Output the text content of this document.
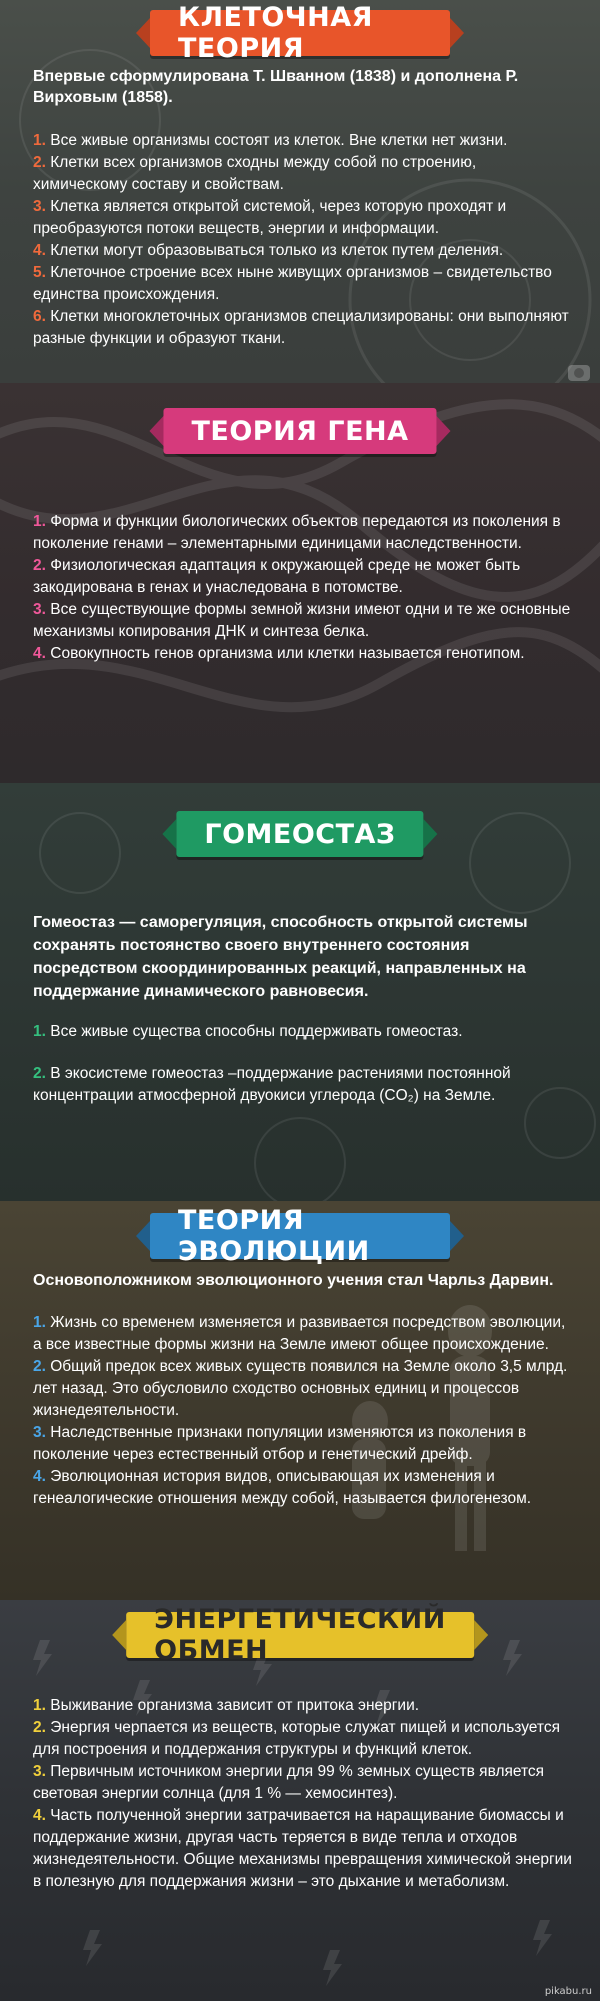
КЛЕТОЧНАЯ ТЕОРИЯ

Впервые сформулирована Т. Шванном (1838) и дополнена Р. Вирховым (1858).

1. Все живые организмы состоят из клеток. Вне клетки нет жизни.
2. Клетки всех организмов сходны между собой по строению, химическому составу и свойствам.
3. Клетка является открытой системой, через которую проходят и преобразуются потоки веществ, энергии и информации.
4. Клетки могут образовываться только из клеток путем деления.
5. Клеточное строение всех ныне живущих организмов – свидетельство единства происхождения.
6. Клетки многоклеточных организмов специализированы: они выполняют разные функции и образуют ткани.
ТЕОРИЯ ГЕНА
1. Форма и функции биологических объектов передаются из поколения в поколение генами – элементарными единицами наследственности.
2. Физиологическая адаптация к окружающей среде не может быть закодирована в генах и унаследована в потомстве.
3. Все существующие формы земной жизни имеют одни и те же основные механизмы копирования ДНК и синтеза белка.
4. Совокупность генов организма или клетки называется генотипом.
ГОМЕОСТАЗ

Гомеостаз — саморегуляция, способность открытой системы сохранять постоянство своего внутреннего состояния посредством скоординированных реакций, направленных на поддержание динамического равновесия.

1. Все живые существа способны поддерживать гомеостаз.
2. В экосистеме гомеостаз –поддержание растениями постоянной концентрации атмосферной двуокиси углерода (CO₂) на Земле.
ТЕОРИЯ ЭВОЛЮЦИИ

Основоположником эволюционного учения стал Чарльз Дарвин.

1. Жизнь со временем изменяется и развивается посредством эволюции, а все известные формы жизни на Земле имеют общее происхождение.
2. Общий предок всех живых существ появился на Земле около 3,5 млрд. лет назад. Это обусловило сходство основных единиц и процессов жизнедеятельности.
3. Наследственные признаки популяции изменяются из поколения в поколение через естественный отбор и генетический дрейф.
4. Эволюционная история видов, описывающая их изменения и генеалогические отношения между собой, называется филогенезом.
ЭНЕРГЕТИЧЕСКИЙ ОБМЕН
1. Выживание организма зависит от притока энергии.
2. Энергия черпается из веществ, которые служат пищей и используется для построения и поддержания структуры и функций клеток.
3. Первичным источником энергии для 99 % земных существ является световая энергии солнца (для 1 % — хемосинтез).
4. Часть полученной энергии затрачивается на наращивание биомассы и поддержание жизни, другая часть теряется в виде тепла и отходов жизнедеятельности. Общие механизмы превращения химической энергии в полезную для поддержания жизни – это дыхание и метаболизм.
pikabu.ru
